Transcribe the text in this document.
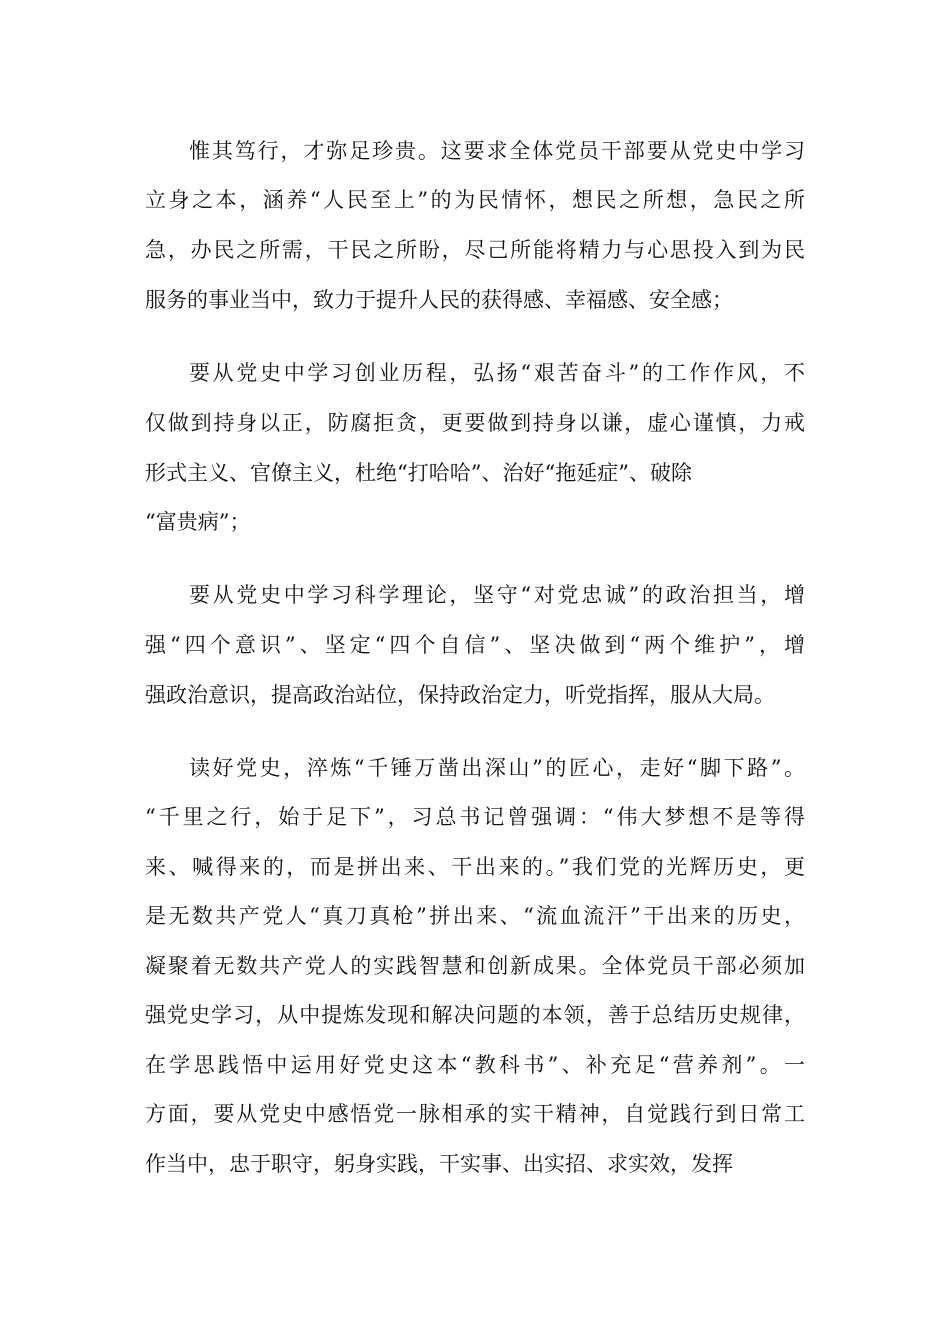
惟其笃行，才弥足珍贵。这要求全体党员干部要从党史中学习
立身之本，涵养“人民至上”的为民情怀，想民之所想，急民之所
急，办民之所需，干民之所盼，尽己所能将精力与心思投入到为民
服务的事业当中，致力于提升人民的获得感、幸福感、安全感；
要从党史中学习创业历程，弘扬“艰苦奋斗”的工作作风，不
仅做到持身以正，防腐拒贪，更要做到持身以谦，虚心谨慎，力戒
形式主义、官僚主义，杜绝“打哈哈”、治好“拖延症”、破除
“富贵病”；
要从党史中学习科学理论，坚守“对党忠诚”的政治担当，增
强“四个意识”、坚定“四个自信”、坚决做到“两个维护”，增
强政治意识，提高政治站位，保持政治定力，听党指挥，服从大局。
读好党史，淬炼“千锤万凿出深山”的匠心，走好“脚下路”。
“千里之行，始于足下”，习总书记曾强调：“伟大梦想不是等得
来、喊得来的，而是拼出来、干出来的。”我们党的光辉历史，更
是无数共产党人“真刀真枪”拼出来、“流血流汗”干出来的历史，
凝聚着无数共产党人的实践智慧和创新成果。全体党员干部必须加
强党史学习，从中提炼发现和解决问题的本领，善于总结历史规律，
在学思践悟中运用好党史这本“教科书”、补充足“营养剂”。一
方面，要从党史中感悟党一脉相承的实干精神，自觉践行到日常工
作当中，忠于职守，躬身实践，干实事、出实招、求实效，发挥
